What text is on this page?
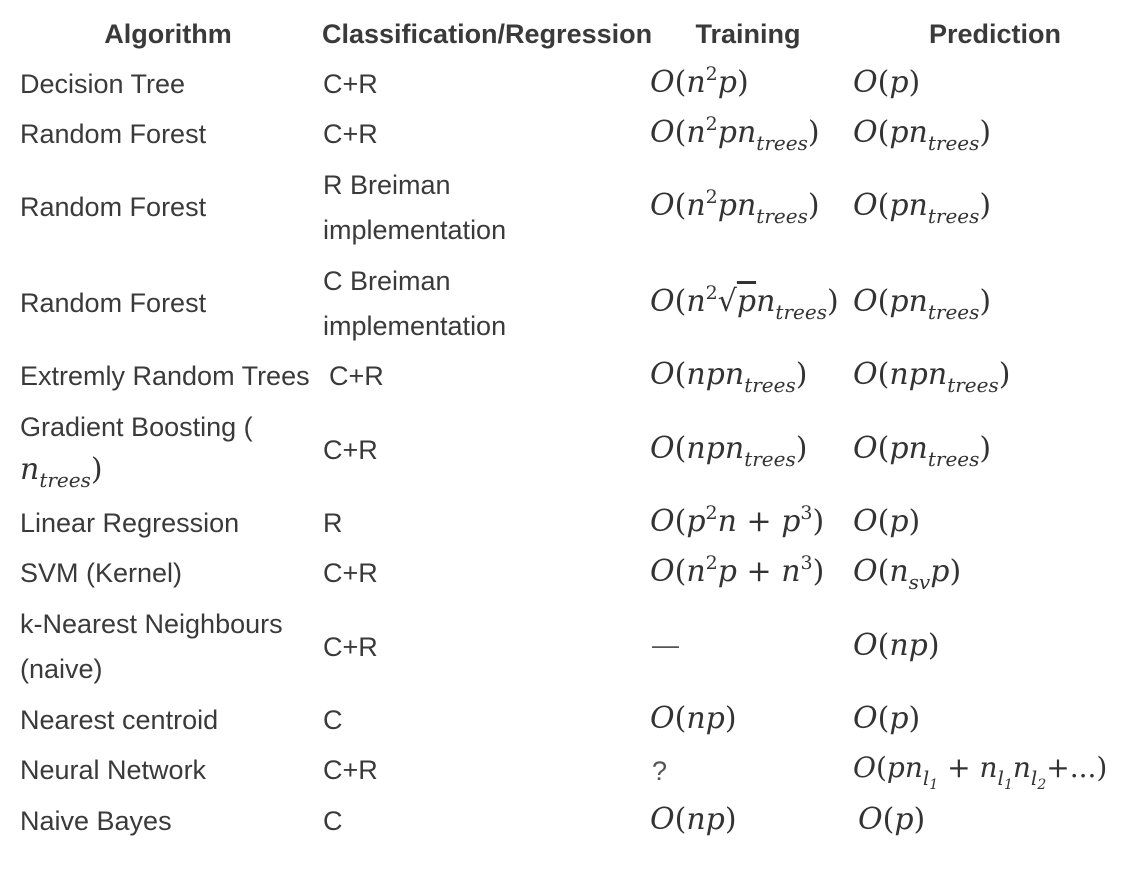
Algorithm	Classification/Regression Training	Prediction
Decision Tree
Random Forest
Random Forest
Random Forest
Extremly Random Trees
Gradient Boosting (
$n_{trees}$)
Linear Regression
SVM (Kernel)
k-Nearest Neighbours
(naive)
Nearest centroid
Neural Network
Naive Bayes
C+R
C+R
R Breiman
implementation
C Breiman
implementation
C+R
C+R
R
C+R
C+R
C
C+R
C
$O(n^2p)$
$O(n^2pn_{trees})$
$O(n^2pn_{trees})$
$O(n^2√pn_{trees})$
O(npn$_{trees}$)
O(npn$_{trees}$)
$O(p^2n + p^3)$
$O(n^2p + n^3)$
—
O(np)
?
O(np)
O(p)
$O(pn_{trees})$
$O(pn_{trees})$
$O(pn_{trees})$
O(npn$_{trees}$)
$O(pn_{trees})$
O(p)
$O(n_{sv}p)$
O(np)
O(p)
$O(pn_{l_1} + n_{l_1}n_{l_2}+...)$
O(p)
